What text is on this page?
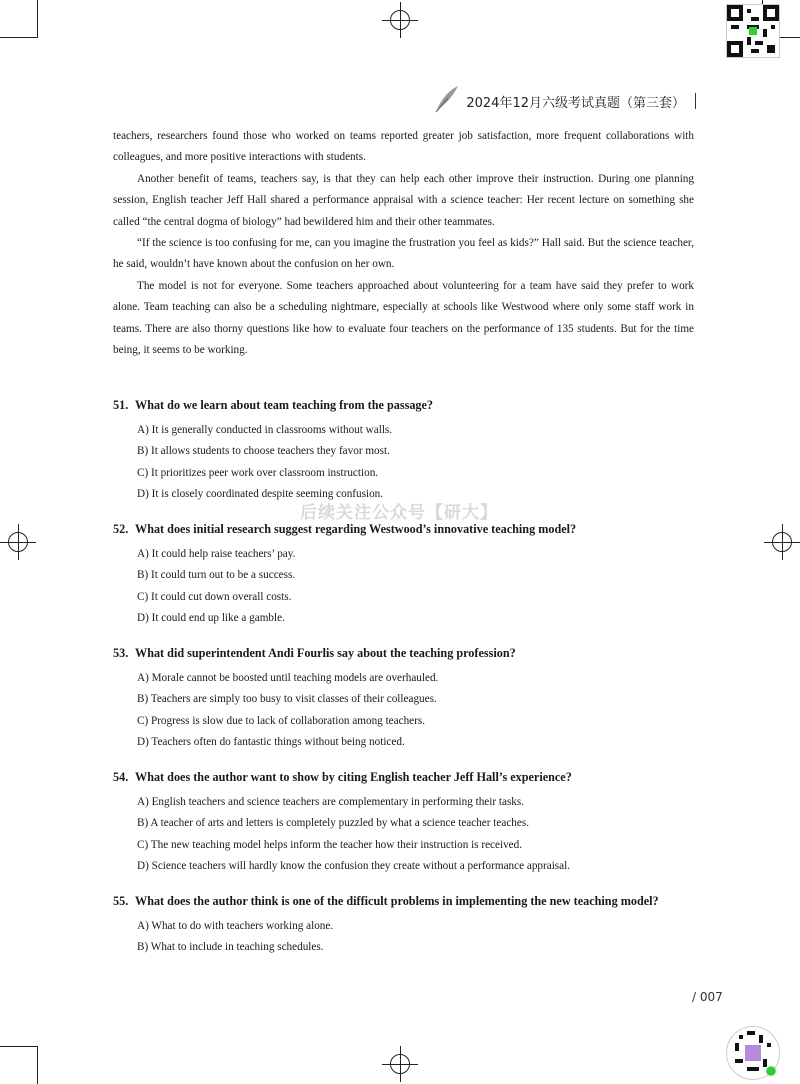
2024年12月六级考试真题（第三套）

teachers, researchers found those who worked on teams reported greater job satisfaction, more frequent collaborations with colleagues, and more positive interactions with students.

Another benefit of teams, teachers say, is that they can help each other improve their instruction. During one planning session, English teacher Jeff Hall shared a performance appraisal with a science teacher: Her recent lecture on something she called “the central dogma of biology” had bewildered him and their other teammates.

“If the science is too confusing for me, can you imagine the frustration you feel as kids?” Hall said. But the science teacher, he said, wouldn’t have known about the confusion on her own.

The model is not for everyone. Some teachers approached about volunteering for a team have said they prefer to work alone. Team teaching can also be a scheduling nightmare, especially at schools like Westwood where only some staff work in teams. There are also thorny questions like how to evaluate four teachers on the performance of 135 students. But for the time being, it seems to be working.

51. What do we learn about team teaching from the passage?
A) It is generally conducted in classrooms without walls.
B) It allows students to choose teachers they favor most.
C) It prioritizes peer work over classroom instruction.
D) It is closely coordinated despite seeming confusion.
52. What does initial research suggest regarding Westwood’s innovative teaching model?
A) It could help raise teachers’ pay.
B) It could turn out to be a success.
C) It could cut down overall costs.
D) It could end up like a gamble.
53. What did superintendent Andi Fourlis say about the teaching profession?
A) Morale cannot be boosted until teaching models are overhauled.
B) Teachers are simply too busy to visit classes of their colleagues.
C) Progress is slow due to lack of collaboration among teachers.
D) Teachers often do fantastic things without being noticed.
54. What does the author want to show by citing English teacher Jeff Hall’s experience?
A) English teachers and science teachers are complementary in performing their tasks.
B) A teacher of arts and letters is completely puzzled by what a science teacher teaches.
C) The new teaching model helps inform the teacher how their instruction is received.
D) Science teachers will hardly know the confusion they create without a performance appraisal.
55. What does the author think is one of the difficult problems in implementing the new teaching model?
A) What to do with teachers working alone.
B) What to include in teaching schedules.
后续关注公众号【研大】
/ 007
